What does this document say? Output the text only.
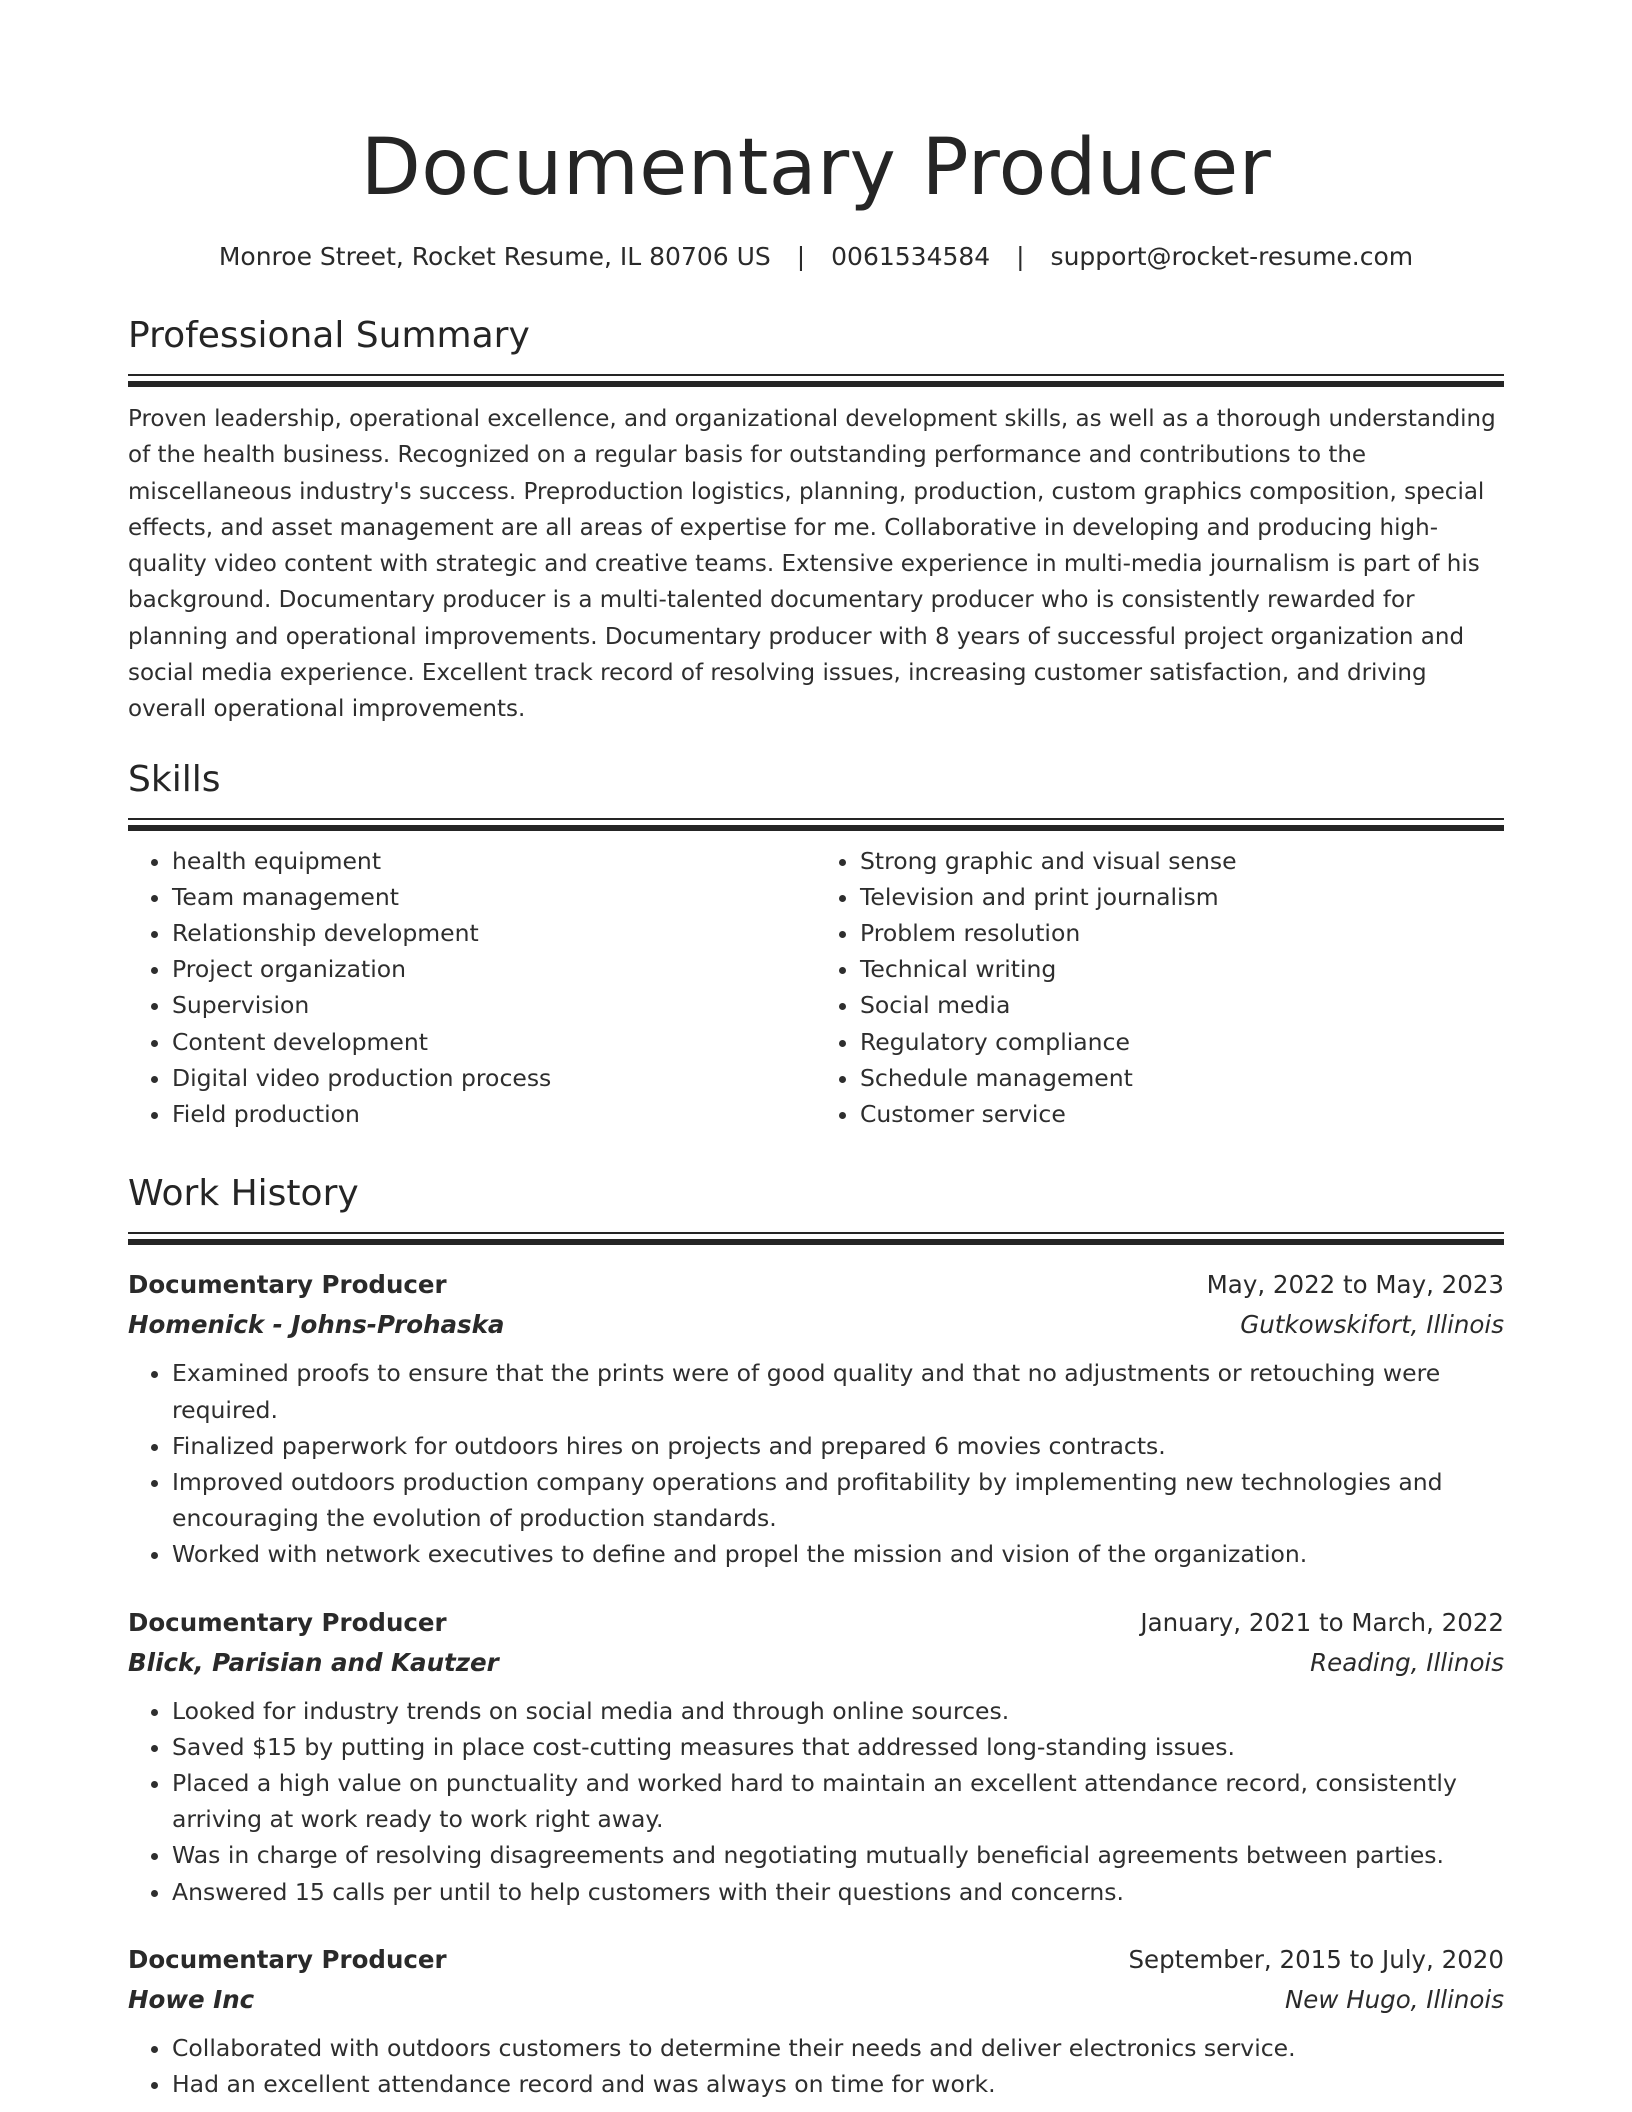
Documentary Producer
Monroe Street, Rocket Resume, IL 80706 US | 0061534584 | support@rocket-resume.com
Professional Summary
Proven leadership, operational excellence, and organizational development skills, as well as a thorough understanding of the health business. Recognized on a regular basis for outstanding performance and contributions to the miscellaneous industry's success. Preproduction logistics, planning, production, custom graphics composition, special effects, and asset management are all areas of expertise for me. Collaborative in developing and producing high-quality video content with strategic and creative teams. Extensive experience in multi-media journalism is part of his background. Documentary producer is a multi-talented documentary producer who is consistently rewarded for planning and operational improvements. Documentary producer with 8 years of successful project organization and social media experience. Excellent track record of resolving issues, increasing customer satisfaction, and driving overall operational improvements.
Skills
• health equipment
• Team management
• Relationship development
• Project organization
• Supervision
• Content development
• Digital video production process
• Field production
• Strong graphic and visual sense
• Television and print journalism
• Problem resolution
• Technical writing
• Social media
• Regulatory compliance
• Schedule management
• Customer service
Work History
Documentary Producer	May, 2022 to May, 2023
Homenick - Johns-Prohaska	Gutkowskifort, Illinois
• Examined proofs to ensure that the prints were of good quality and that no adjustments or retouching were required.
• Finalized paperwork for outdoors hires on projects and prepared 6 movies contracts.
• Improved outdoors production company operations and profitability by implementing new technologies and encouraging the evolution of production standards.
• Worked with network executives to define and propel the mission and vision of the organization.
Documentary Producer	January, 2021 to March, 2022
Blick, Parisian and Kautzer	Reading, Illinois
• Looked for industry trends on social media and through online sources.
• Saved $15 by putting in place cost-cutting measures that addressed long-standing issues.
• Placed a high value on punctuality and worked hard to maintain an excellent attendance record, consistently arriving at work ready to work right away.
• Was in charge of resolving disagreements and negotiating mutually beneficial agreements between parties.
• Answered 15 calls per until to help customers with their questions and concerns.
Documentary Producer	September, 2015 to July, 2020
Howe Inc	New Hugo, Illinois
• Collaborated with outdoors customers to determine their needs and deliver electronics service.
• Had an excellent attendance record and was always on time for work.
